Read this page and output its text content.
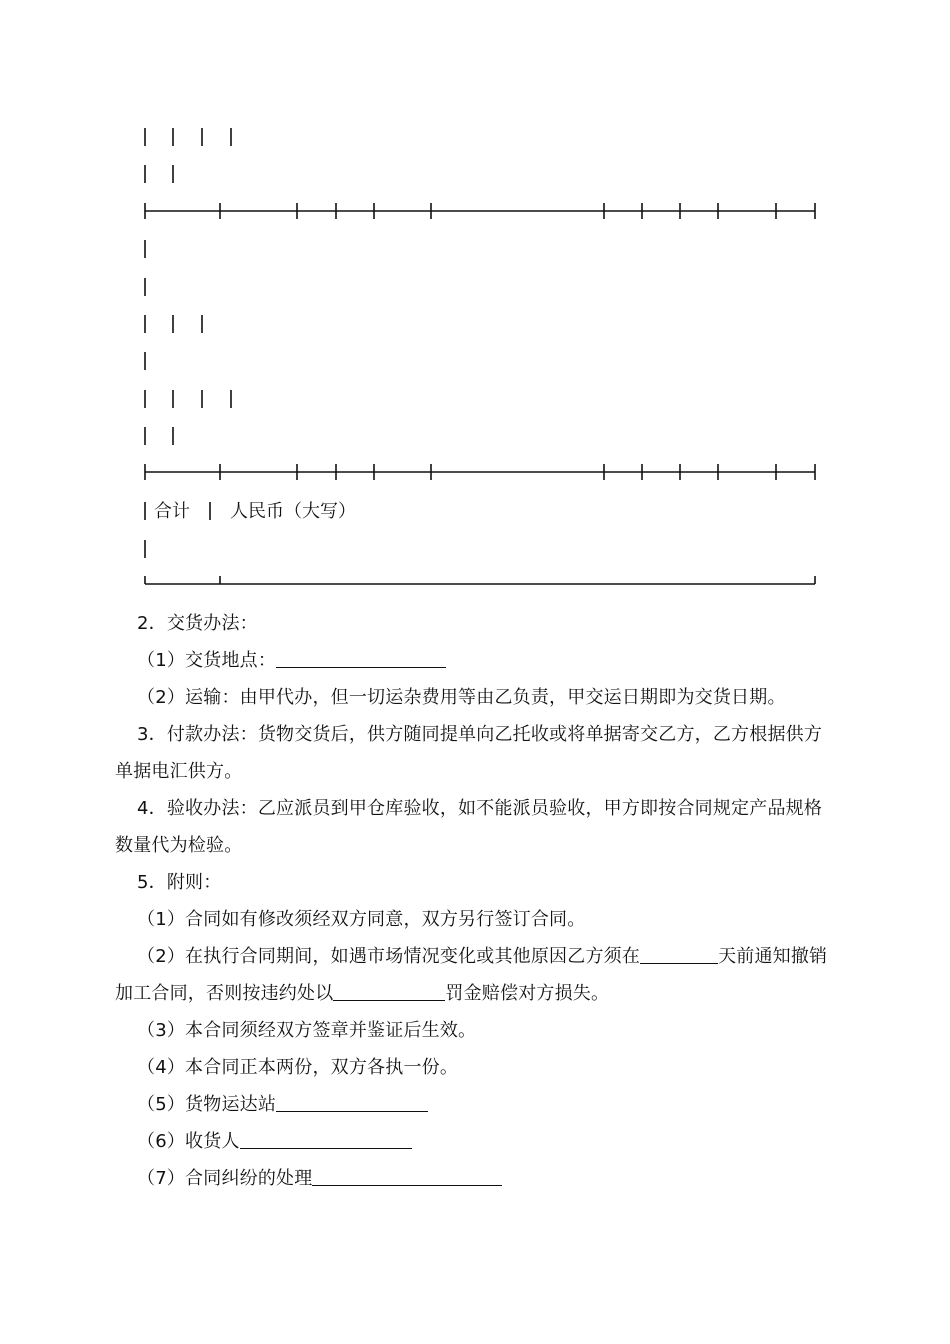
合计 人民币（大写）

2．交货办法：

（1）交货地点：

（2）运输：由甲代办，但一切运杂费用等由乙负责，甲交运日期即为交货日期。

3．付款办法：货物交货后，供方随同提单向乙托收或将单据寄交乙方，乙方根据供方单据电汇供方。

4．验收办法：乙应派员到甲仓库验收，如不能派员验收，甲方即按合同规定产品规格数量代为检验。

5．附则：

（1）合同如有修改须经双方同意，双方另行签订合同。

（2）在执行合同期间，如遇市场情况变化或其他原因乙方须在	天前通知撤销加工合同，否则按违约处以	罚金赔偿对方损失。

（3）本合同须经双方签章并鉴证后生效。

（4）本合同正本两份，双方各执一份。

（5）货物运达站

（6）收货人

（7）合同纠纷的处理
